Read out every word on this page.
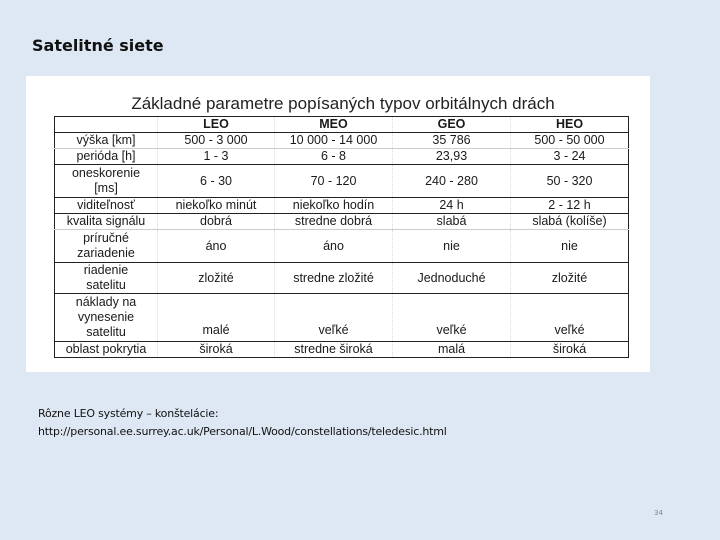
Satelitné siete
Základné parametre popísaných typov orbitálnych drách
	LEO	MEO	GEO	HEO
výška [km]	500 - 3 000	10 000 - 14 000	35 786	500 - 50 000
perióda [h]	1 - 3	6 - 8	23,93	3 - 24
oneskorenie [ms]	6 - 30	70 - 120	240 - 280	50 - 320
viditeľnosť	niekoľko minút	niekoľko hodín	24 h	2 - 12 h
kvalita signálu	dobrá	stredne dobrá	slabá	slabá (kolíše)
príručné zariadenie	áno	áno	nie	nie
riadenie satelitu	zložité	stredne zložité	Jednoduché	zložité
náklady na vynesenie satelitu	malé	veľké	veľké	veľké
oblast pokrytia	široká	stredne široká	malá	široká
Rôzne LEO systémy – konštelácie:
http://personal.ee.surrey.ac.uk/Personal/L.Wood/constellations/teledesic.html
34
